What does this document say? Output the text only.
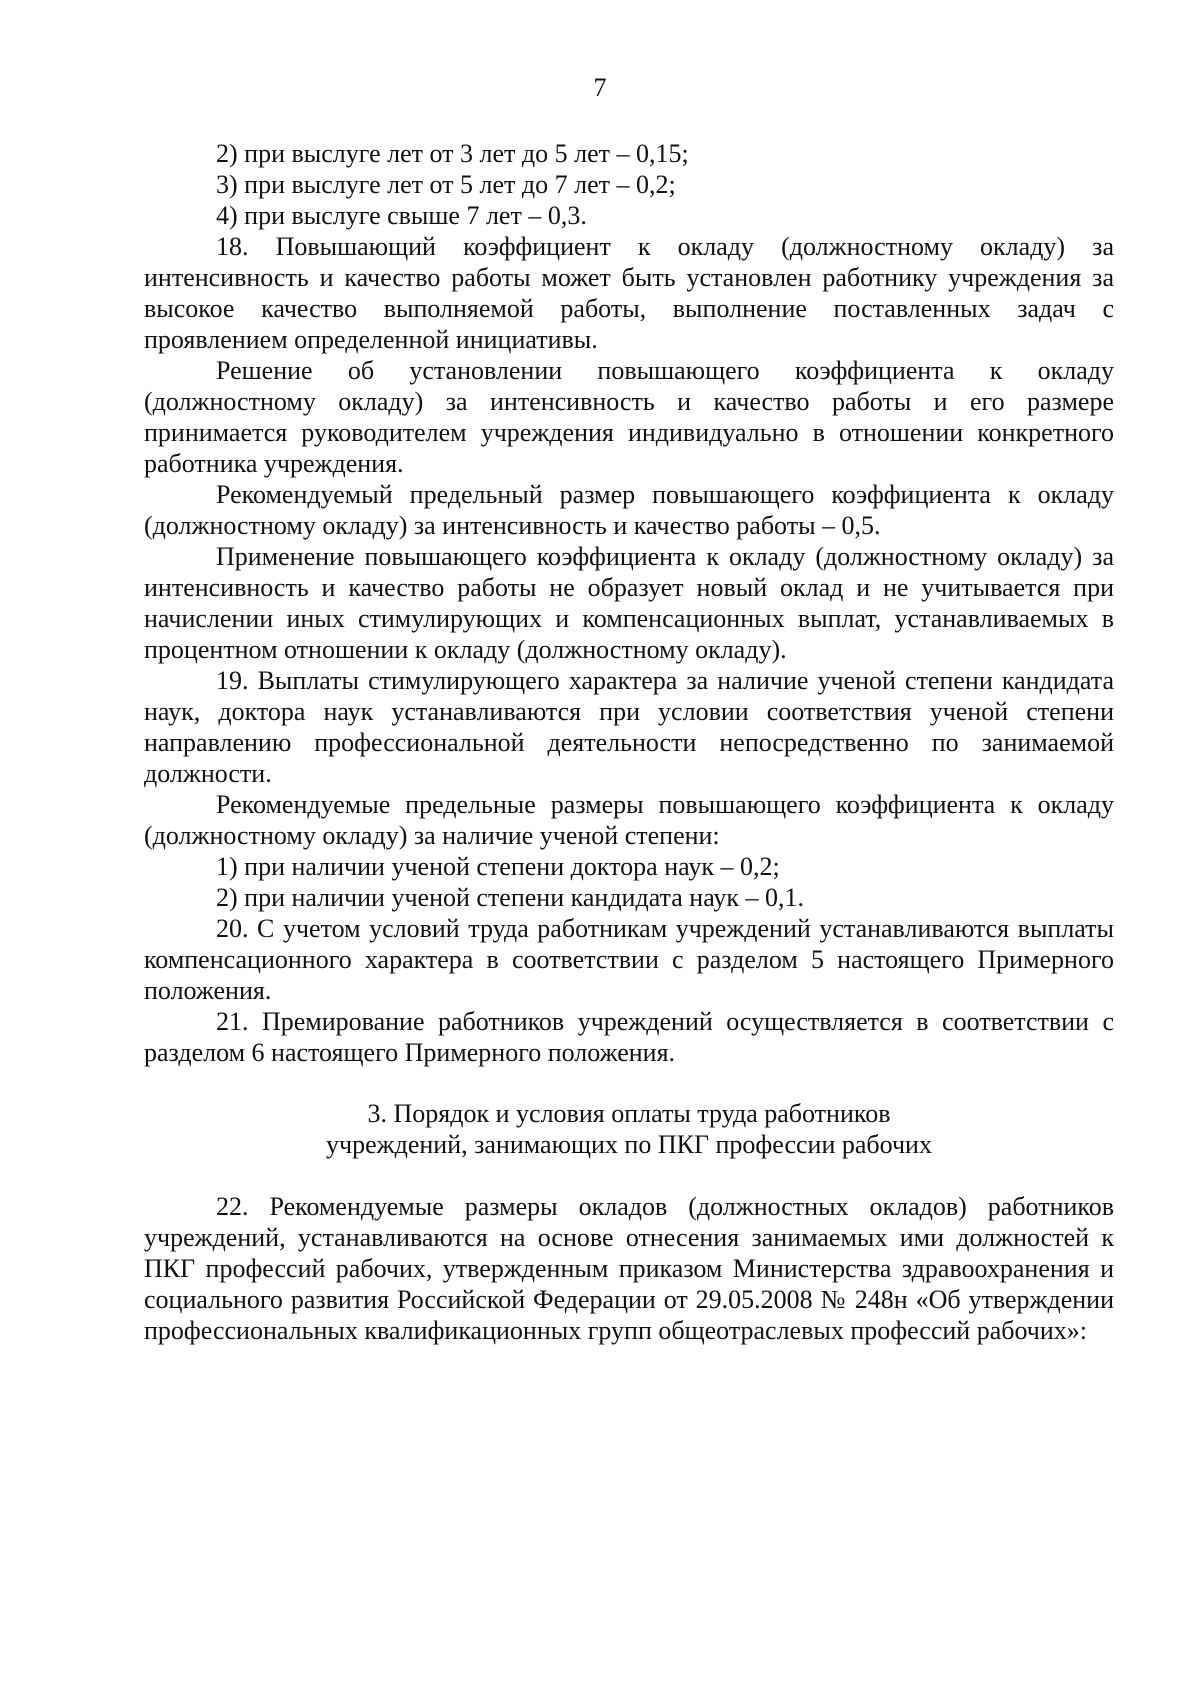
7

2) при выслуге лет от 3 лет до 5 лет – 0,15;

3) при выслуге лет от 5 лет до 7 лет – 0,2;

4) при выслуге свыше 7 лет – 0,3.

18. Повышающий коэффициент к окладу (должностному окладу) за интенсивность и качество работы может быть установлен работнику учреждения за высокое качество выполняемой работы, выполнение поставленных задач с проявлением определенной инициативы.

Решение об установлении повышающего коэффициента к окладу (должностному окладу) за интенсивность и качество работы и его размере принимается руководителем учреждения индивидуально в отношении конкретного работника учреждения.

Рекомендуемый предельный размер повышающего коэффициента к окладу (должностному окладу) за интенсивность и качество работы – 0,5.

Применение повышающего коэффициента к окладу (должностному окладу) за интенсивность и качество работы не образует новый оклад и не учитывается при начислении иных стимулирующих и компенсационных выплат, устанавливаемых в процентном отношении к окладу (должностному окладу).

19. Выплаты стимулирующего характера за наличие ученой степени кандидата наук, доктора наук устанавливаются при условии соответствия ученой степени направлению профессиональной деятельности непосредственно по занимаемой должности.

Рекомендуемые предельные размеры повышающего коэффициента к окладу (должностному окладу) за наличие ученой степени:

1) при наличии ученой степени доктора наук – 0,2;

2) при наличии ученой степени кандидата наук – 0,1.

20. С учетом условий труда работникам учреждений устанавливаются выплаты компенсационного характера в соответствии с разделом 5 настоящего Примерного положения.

21. Премирование работников учреждений осуществляется в соответствии с разделом 6 настоящего Примерного положения.

3. Порядок и условия оплаты труда работников
учреждений, занимающих по ПКГ профессии рабочих

22. Рекомендуемые размеры окладов (должностных окладов) работников учреждений, устанавливаются на основе отнесения занимаемых ими должностей к ПКГ профессий рабочих, утвержденным приказом Министерства здравоохранения и социального развития Российской Федерации от 29.05.2008 № 248н «Об утверждении профессиональных квалификационных групп общеотраслевых профессий рабочих»:
